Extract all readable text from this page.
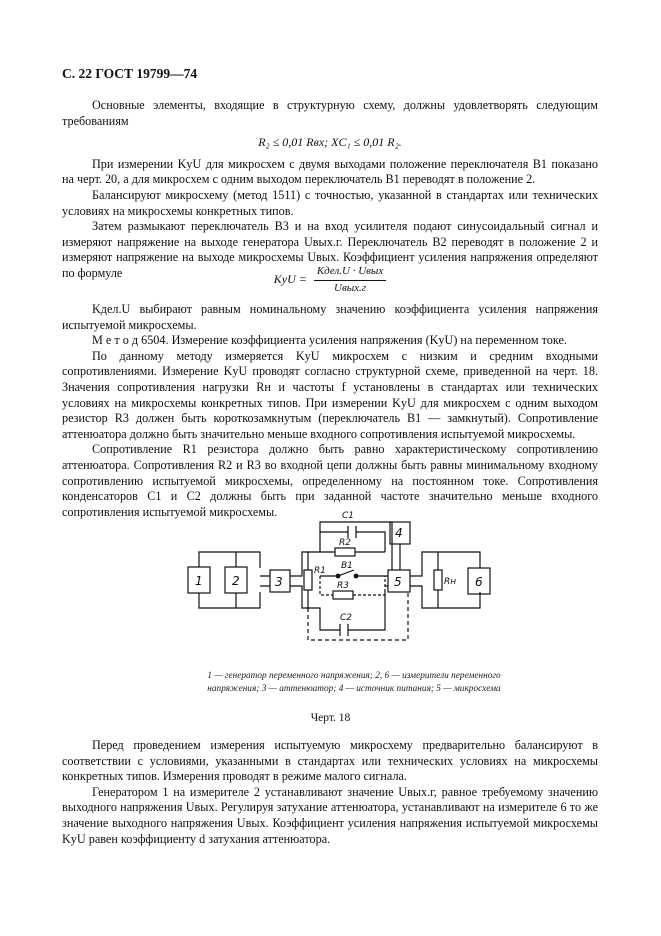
С. 22 ГОСТ 19799—74

Основные элементы, входящие в структурную схему, должны удовлетворять следующим требованиям

R₂ ≤ 0,01 Rвх; XC₁ ≤ 0,01 R₂.

При измерении KyU для микросхем с двумя выходами положение переключателя B1 показано на черт. 20, а для микросхем с одним выходом переключатель B1 переводят в положение 2.

Балансируют микросхему (метод 1511) с точностью, указанной в стандартах или технических условиях на микросхемы конкретных типов.

Затем размыкают переключатель B3 и на вход усилителя подают синусоидальный сигнал и измеряют напряжение на выходе генератора Uвых.г. Переключатель B2 переводят в положение 2 и измеряют напряжение на выходе микросхемы Uвых. Коэффициент усиления напряжения определяют по формуле	KyU = $\frac{\text{Kдел.U · Uвых}}{\text{Uвых.г}}$

Kдел.U выбирают равным номинальному значению коэффициента усиления напряжения испытуемой микросхемы.

М е т о д 6504. Измерение коэффициента усиления напряжения (KyU) на переменном токе.

По данному методу измеряется KyU микросхем с низким и средним входными сопротивлениями. Измерение KyU проводят согласно структурной схеме, приведенной на черт. 18. Значения сопротивления нагрузки Rн и частоты f установлены в стандартах или технических условиях на микросхемы конкретных типов. При измерении KyU для микросхем с одним выходом резистор R3 должен быть короткозамкнутым (переключатель B1 — замкнутый). Сопротивление аттенюатора должно быть значительно меньше входного сопротивления испытуемой микросхемы.

Сопротивление R1 резистора должно быть равно характеристическому сопротивлению аттенюатора. Сопротивления R2 и R3 во входной цепи должны быть равны минимальному входному сопротивлению испытуемой микросхемы, определенному на постоянном токе. Сопротивления конденсаторов C1 и C2 должны быть при заданной частоте значительно меньше входного сопротивления испытуемой микросхемы.

1 2	3
R1
R2
C1
B1
R3
C2
4
5	Rн 6
1 — генератор переменного напряжения; 2, 6 — измерители переменного напряжения; 3 — аттенюатор; 4 — источник питания; 5 — микросхема
Черт. 18

Перед проведением измерения испытуемую микросхему предварительно балансируют в соответствии с условиями, указанными в стандартах или технических условиях на микросхемы конкретных типов. Измерения проводят в режиме малого сигнала.

Генератором 1 на измерителе 2 устанавливают значение Uвых.г, равное требуемому значению выходного напряжения Uвых. Регулируя затухание аттенюатора, устанавливают на измерителе 6 то же значение выходного напряжения Uвых. Коэффициент усиления напряжения испытуемой микросхемы KyU равен коэффициенту d затухания аттенюатора.
